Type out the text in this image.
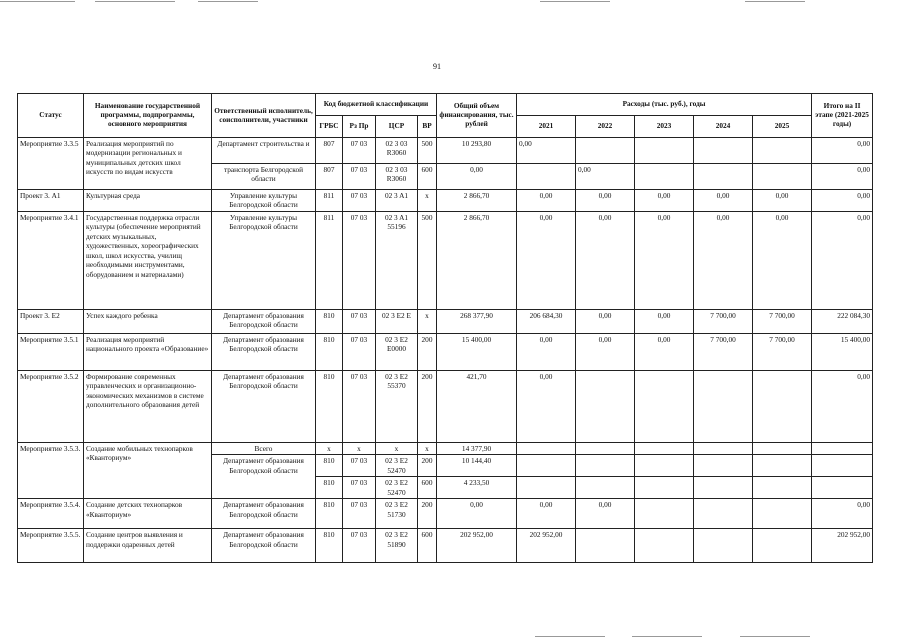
91
Статус	Наименование государственной программы, подпрограммы, основного мероприятия	Ответственный исполнитель, соисполнители, участники	Код бюджетной классификации				Общий объем финансирования, тыс. рублей	Расходы (тыс. руб.), годы					Итого на II этапе (2021-2025 годы)
			ГРБС	Рз Пр	ЦСР	ВР		2021	2022	2023	2024	2025	
Мероприятие 3.3.5	Реализация мероприятий по модернизации региональных и муниципальных детских школ искусств по видам искусств	Департамент строительства и	807	07 03	02 3 03 R3060	500	10 293,80	0,00					0,00
		транспорта Белгородской области	807	07 03	02 3 03 R3060	600	0,00		0,00				0,00
Проект 3. A1	Культурная среда	Управление культуры Белгородской области	811	07 03	02 3 A1	x	2 866,70	0,00	0,00	0,00	0,00	0,00	0,00
Мероприятие 3.4.1	Государственная поддержка отрасли культуры (обеспечение мероприятий детских музыкальных, художественных, хореографических школ, школ искусства, училищ необходимыми инструментами, оборудованием и материалами)	Управление культуры Белгородской области	811	07 03	02 3 A1 55196	500	2 866,70	0,00	0,00	0,00	0,00	0,00	0,00
Проект 3. E2	Успех каждого ребенка	Департамент образования Белгородской области	810	07 03	02 3 E2 E	x	268 377,90	206 684,30	0,00	0,00	7 700,00	7 700,00	222 084,30
Мероприятие 3.5.1	Реализация мероприятий национального проекта «Образование»	Департамент образования Белгородской области	810	07 03	02 3 E2 E0000	200	15 400,00	0,00	0,00	0,00	7 700,00	7 700,00	15 400,00
Мероприятие 3.5.2	Формирование современных управленческих и организационно-экономических механизмов в системе дополнительного образования детей	Департамент образования Белгородской области	810	07 03	02 3 E2 55370	200	421,70	0,00					0,00
Мероприятие 3.5.3.	Создание мобильных технопарков «Кванториум»	Всего	x	x	x	x	14 377,90						
		Департамент образования Белгородской области	810	07 03	02 3 E2 52470	200	10 144,40						
			810	07 03	02 3 E2 52470	600	4 233,50						
Мероприятие 3.5.4.	Создание детских технопарков «Кванториум»	Департамент образования Белгородской области	810	07 03	02 3 E2 51730	200	0,00	0,00	0,00				0,00
Мероприятие 3.5.5.	Создание центров выявления и поддержки одаренных детей	Департамент образования Белгородской области	810	07 03	02 3 E2 51890	600	202 952,00	202 952,00					202 952,00
